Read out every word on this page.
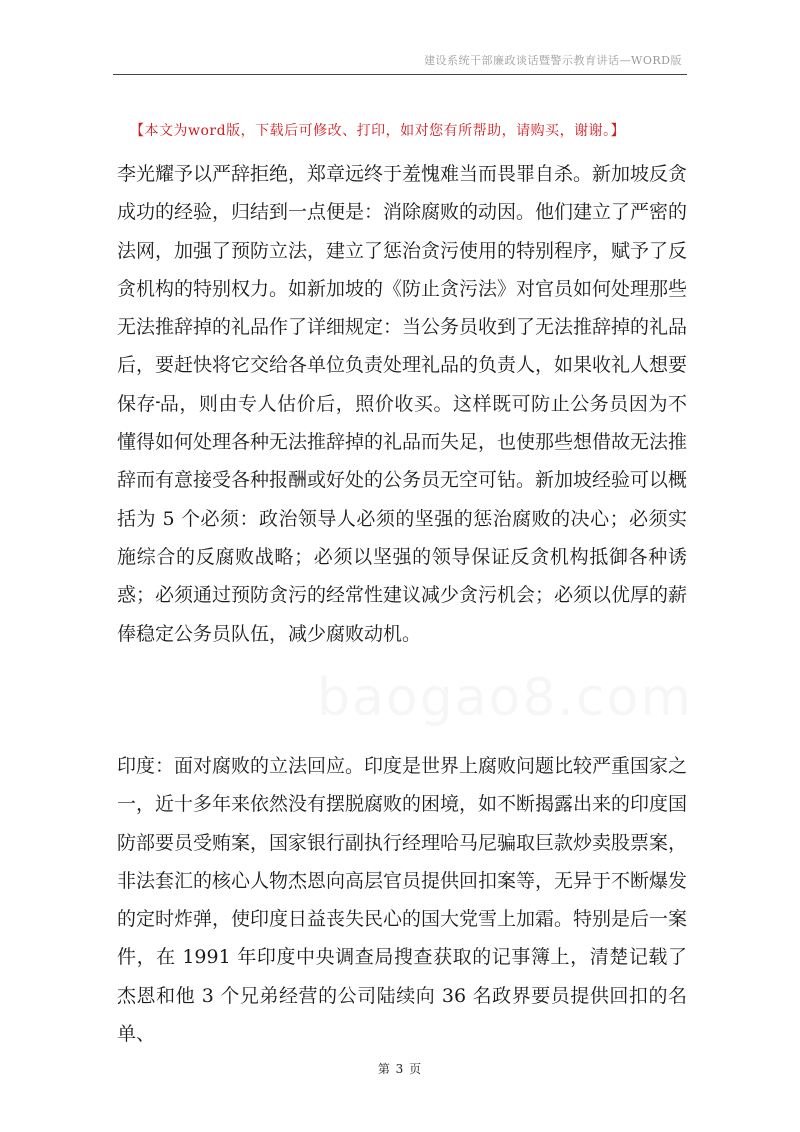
建设系统干部廉政谈话暨警示教育讲话—WORD版
【本文为word版，下载后可修改、打印，如对您有所帮助，请购买，谢谢。】

李光耀予以严辞拒绝，郑章远终于羞愧难当而畏罪自杀。新加坡反贪成功的经验，归结到一点便是：消除腐败的动因。他们建立了严密的法网，加强了预防立法，建立了惩治贪污使用的特别程序，赋予了反贪机构的特别权力。如新加坡的《防止贪污法》对官员如何处理那些无法推辞掉的礼品作了详细规定：当公务员收到了无法推辞掉的礼品后，要赶快将它交给各单位负责处理礼品的负责人，如果收礼人想要保存᠊品，则由专人估价后，照价收买。这样既可防止公务员因为不懂得如何处理各种无法推辞掉的礼品而失足，也使那些想借故无法推辞而有意接受各种报酬或好处的公务员无空可钻。新加坡经验可以概括为 5 个必须：政治领导人必须的坚强的惩治腐败的决心；必须实施综合的反腐败战略；必须以坚强的领导保证反贪机构抵御各种诱惑；必须通过预防贪污的经常性建议减少贪污机会；必须以优厚的薪俸稳定公务员队伍，减少腐败动机。

印度：面对腐败的立法回应。印度是世界上腐败问题比较严重国家之一，近十多年来依然没有摆脱腐败的困境，如不断揭露出来的印度国防部要员受贿案，国家银行副执行经理哈马尼骗取巨款炒卖股票案，非法套汇的核心人物杰恩向高层官员提供回扣案等，无异于不断爆发的定时炸弹，使印度日益丧失民心的国大党雪上加霜。特别是后一案件，在 1991 年印度中央调查局搜查获取的记事簿上，清楚记载了杰恩和他 3 个兄弟经营的公司陆续向 36 名政界要员提供回扣的名单、

第 3 页
